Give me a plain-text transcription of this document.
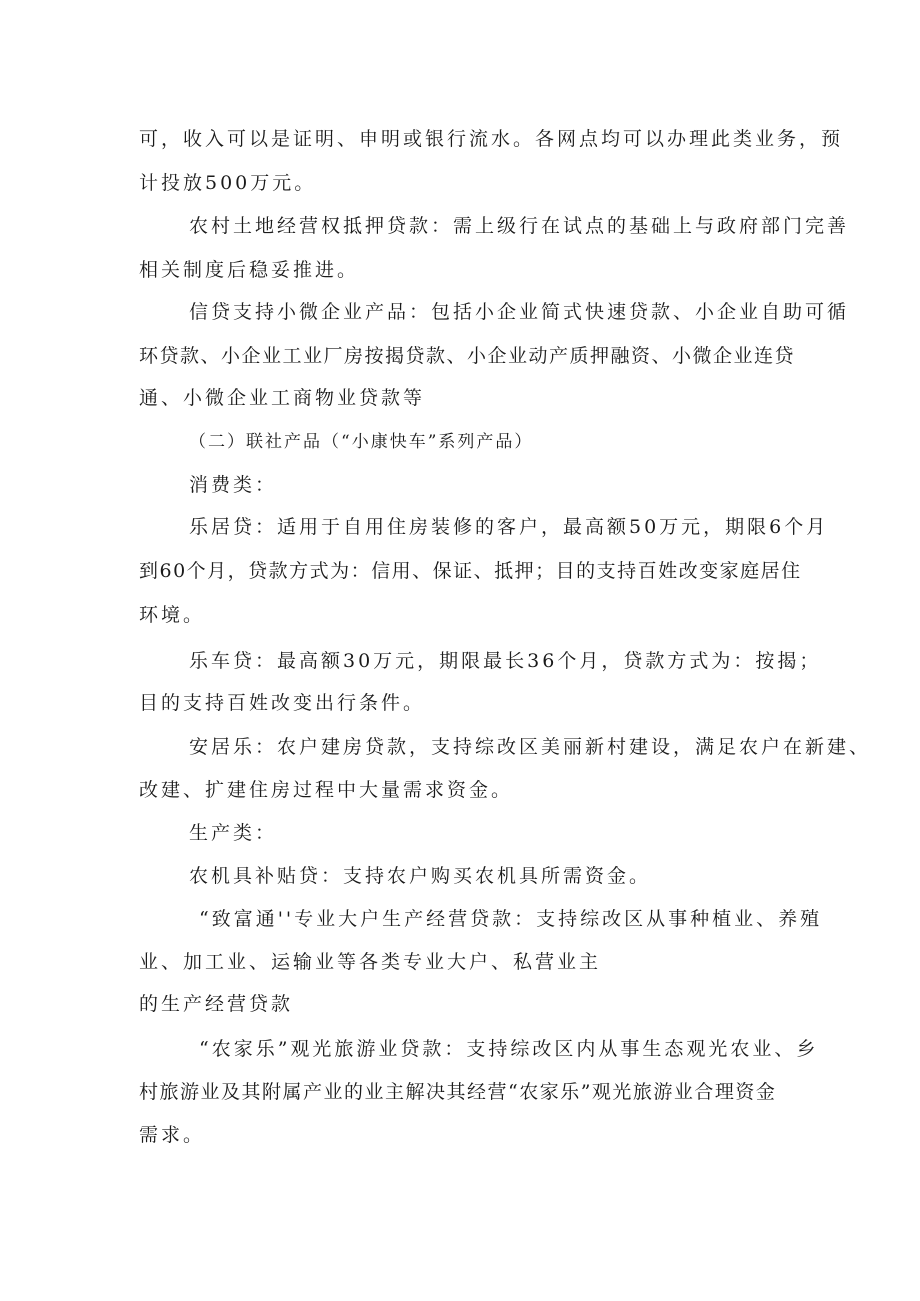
可，收入可以是证明、申明或银行流水。各网点均可以办理此类业务，预

计投放500万元。

农村土地经营权抵押贷款：需上级行在试点的基础上与政府部门完善

相关制度后稳妥推进。

信贷支持小微企业产品：包括小企业简式快速贷款、小企业自助可循

环贷款、小企业工业厂房按揭贷款、小企业动产质押融资、小微企业连贷

通、小微企业工商物业贷款等

（二）联社产品（“小康快车”系列产品）

消费类：

乐居贷：适用于自用住房装修的客户，最高额50万元，期限6个月

到60个月，贷款方式为：信用、保证、抵押；目的支持百姓改变家庭居住

环境。

乐车贷：最高额30万元，期限最长36个月，贷款方式为：按揭；

目的支持百姓改变出行条件。

安居乐：农户建房贷款，支持综改区美丽新村建设，满足农户在新建、

改建、扩建住房过程中大量需求资金。

生产类：

农机具补贴贷：支持农户购买农机具所需资金。

“致富通''专业大户生产经营贷款：支持综改区从事种植业、养殖

业、加工业、运输业等各类专业大户、私营业主

的生产经营贷款

“农家乐”观光旅游业贷款：支持综改区内从事生态观光农业、乡

村旅游业及其附属产业的业主解决其经营“农家乐”观光旅游业合理资金

需求。
